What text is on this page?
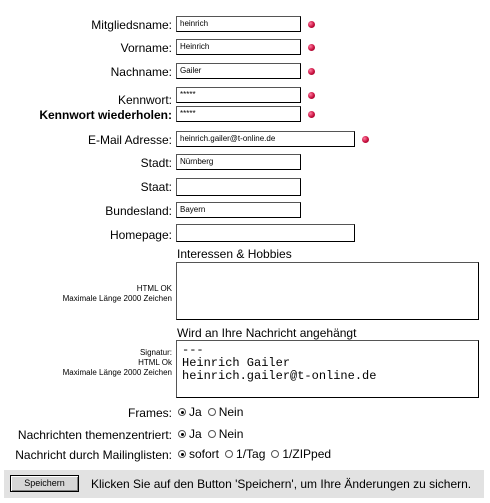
Mitgliedsname:	heinrich
Vorname:	Heinrich
Nachname:	Gailer
Kennwort:	*****
Kennwort wiederholen:	*****
E-Mail Adresse:	heinrich.gailer@t-online.de
Stadt:	Nürnberg
Staat:
Bundesland:	Bayern
Homepage:
Interessen & Hobbies
HTML OK
Maximale Länge 2000 Zeichen
Wird an Ihre Nachricht angehängt
Signatur:
HTML Ok
Maximale Länge 2000 Zeichen
---
Heinrich Gailer
heinrich.gailer@t-online.de
Frames: Ja Nein
Nachrichten themenzentriert: Ja Nein
Nachricht durch Mailinglisten: sofort 1/Tag 1/ZIPped
Speichern	Klicken Sie auf den Button 'Speichern', um Ihre Änderungen zu sichern.
